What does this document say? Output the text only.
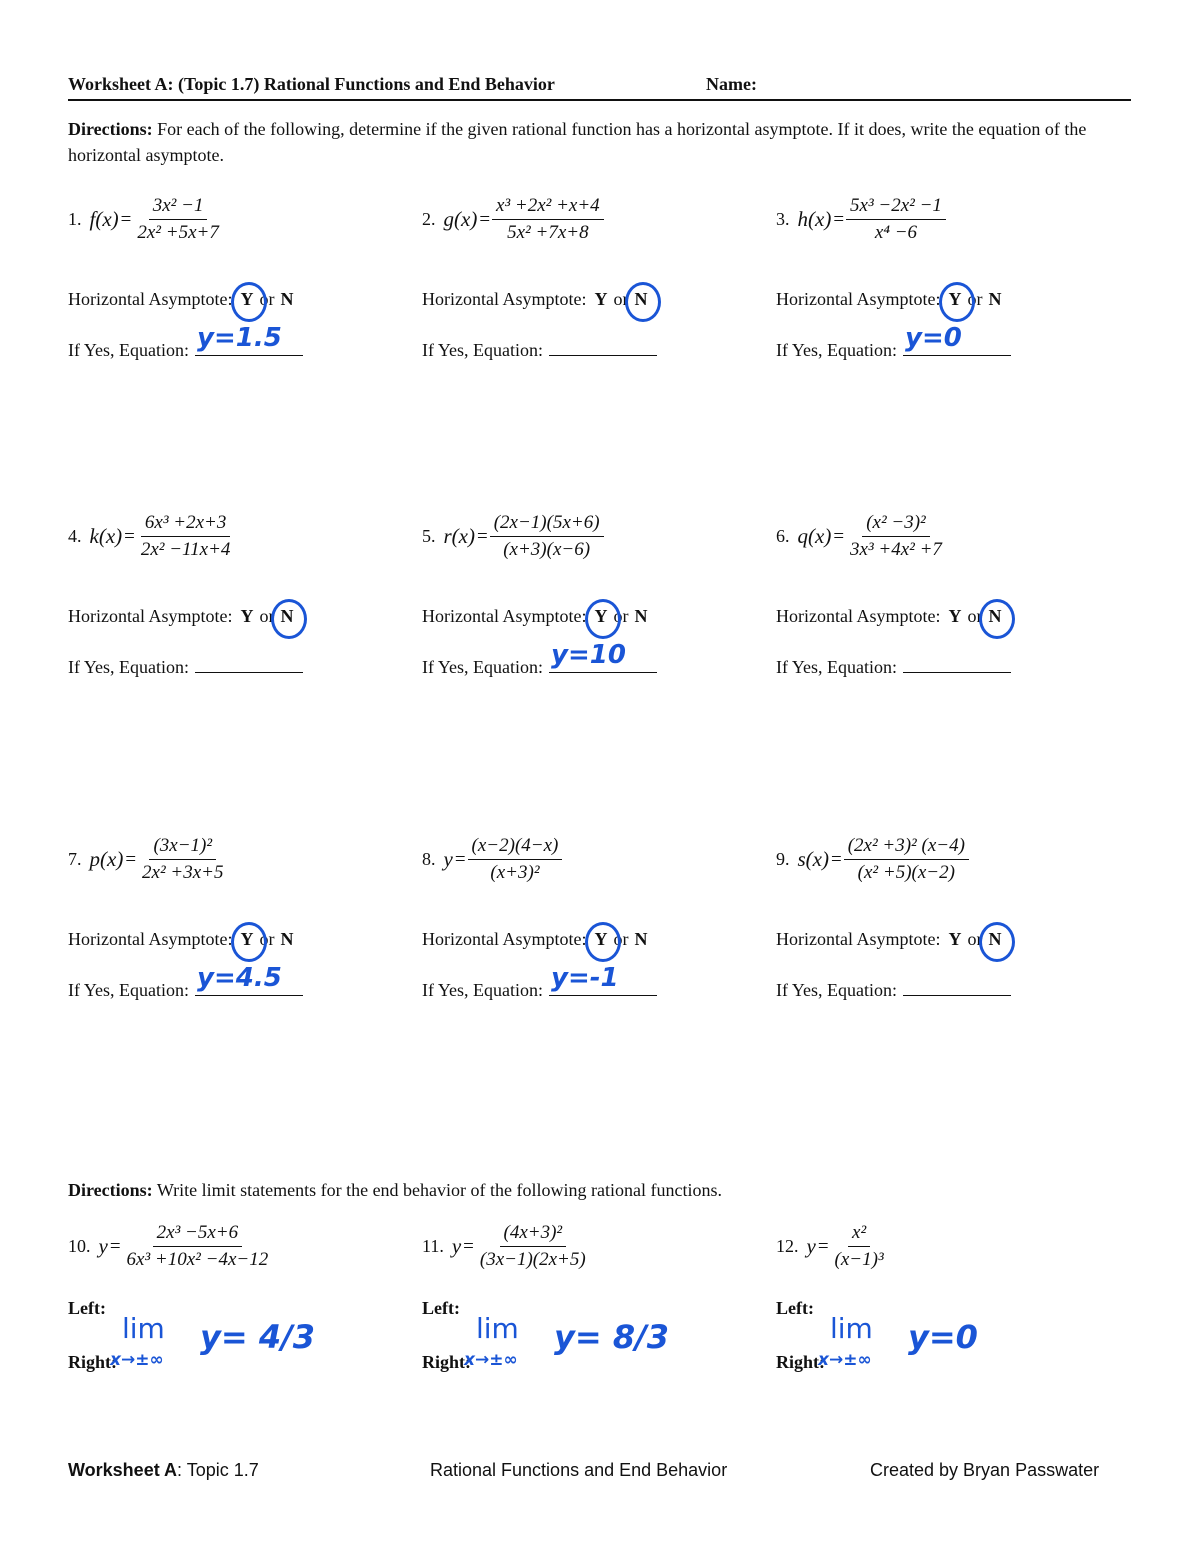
Worksheet A: (Topic 1.7) Rational Functions and End Behavior	Name:
Directions: For each of the following, determine if the given rational function has a horizontal asymptote. If it does, write the equation of the horizontal asymptote.
1. $f(x) = \frac{\text{3x² −1}}{\text{2x² +5x+7}}$
Horizontal Asymptote: Y or N
If Yes, Equation: y=1.5
2. $g(x) = \frac{\text{x³ +2x² +x+4}}{\text{5x² +7x+8}}$
Horizontal Asymptote: Y or N
If Yes, Equation:
3. $h(x) = \frac{\text{5x³ −2x² −1}}{\text{x⁴ −6}}$
Horizontal Asymptote: Y or N
If Yes, Equation: y=0
4. $k(x) = \frac{\text{6x³ +2x+3}}{\text{2x² −11x+4}}$
Horizontal Asymptote: Y or N
If Yes, Equation:
5. $r(x) = \frac{(2x-1)(5x+6)}{(x+3)(x-6)}$
Horizontal Asymptote: Y or N
If Yes, Equation: y=10
6. $q(x) = \frac{\text{(x² −3)²}}{\text{3x³ +4x² +7}}$
Horizontal Asymptote: Y or N
If Yes, Equation:
7. $p(x) = \frac{\text{(3x−1)²}}{\text{2x² +3x+5}}$
Horizontal Asymptote: Y or N
If Yes, Equation: y=4.5
8. $y = \frac{(x-2)(4-x)}{\text{(x+3)²}}$
Horizontal Asymptote: Y or N
If Yes, Equation: y=-1
9. $s(x) = \frac{\text{(2x² +3)² (x−4)}}{\text{(x² +5)(x−2)}}$
Horizontal Asymptote: Y or N
If Yes, Equation:
Directions: Write limit statements for the end behavior of the following rational functions.
10. $y = \frac{\text{2x³ −5x+6}}{\text{6x³ +10x² −4x−12}}$
Left:
Right:
lim
x→±∞
y= 4/3
11. $y = \frac{\text{(4x+3)²}}{(3x-1)(2x+5)}$
Left:
Right:
lim
x→±∞
y= 8/3
12. $y = \frac{\text{x²}}{\text{(x−1)³}}$
Left:
Right:
lim
x→±∞
y=0
Worksheet A: Topic 1.7	Rational Functions and End Behavior	Created by Bryan Passwater
